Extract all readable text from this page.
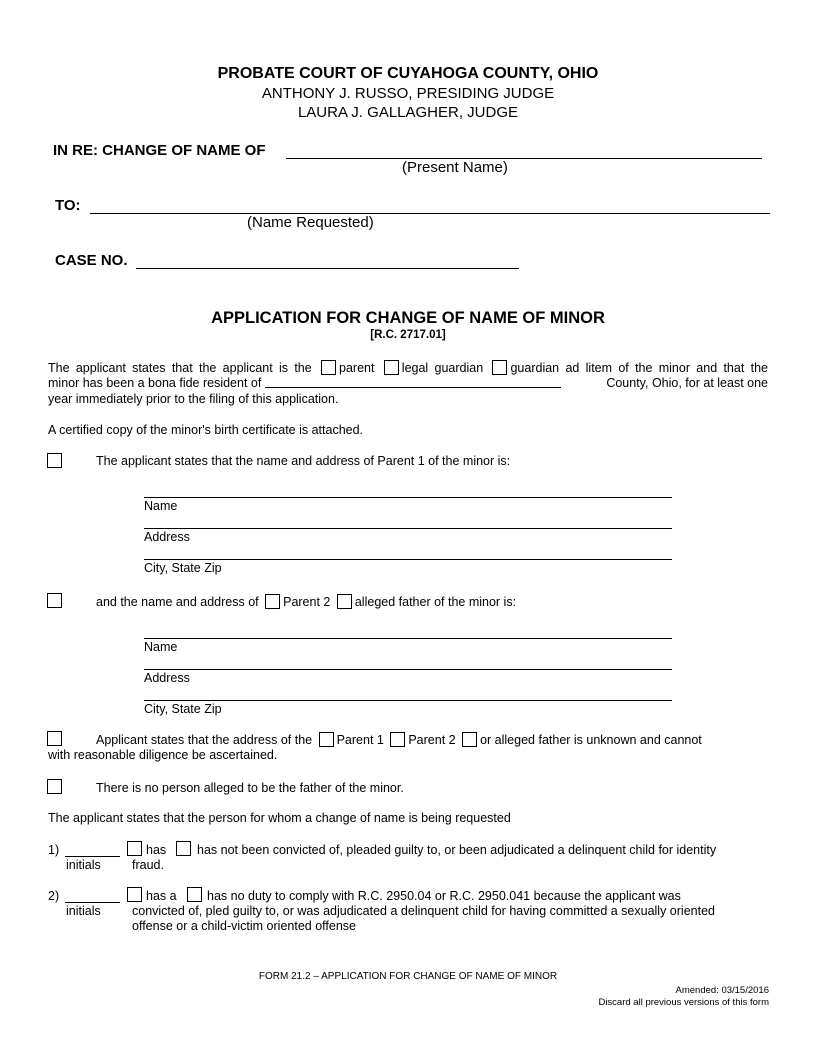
PROBATE COURT OF CUYAHOGA COUNTY, OHIO
ANTHONY J. RUSSO, PRESIDING JUDGE
LAURA J. GALLAGHER, JUDGE
IN RE: CHANGE OF NAME OF
(Present Name)
TO:
(Name Requested)
CASE NO.
APPLICATION FOR CHANGE OF NAME OF MINOR
[R.C. 2717.01]
The applicant states that the applicant is the parent legal guardian guardian ad litem of the minor and that the
minor has been a bona fide resident of	County, Ohio, for at least one
year immediately prior to the filing of this application.
A certified copy of the minor's birth certificate is attached.
The applicant states that the name and address of Parent 1 of the minor is:
Name
Address
City, State Zip
and the name and address of Parent 2 alleged father of the minor is:
Name
Address
City, State Zip
Applicant states that the address of the Parent 1 Parent 2 or alleged father is unknown and cannot
with reasonable diligence be ascertained.
There is no person alleged to be the father of the minor.
The applicant states that the person for whom a change of name is being requested
1)
initials
has has not been convicted of, pleaded guilty to, or been adjudicated a delinquent child for identity
fraud.
2)
initials
has a has no duty to comply with R.C. 2950.04 or R.C. 2950.041 because the applicant was
convicted of, pled guilty to, or was adjudicated a delinquent child for having committed a sexually oriented
offense or a child-victim oriented offense
FORM 21.2 – APPLICATION FOR CHANGE OF NAME OF MINOR
Amended: 03/15/2016
Discard all previous versions of this form
